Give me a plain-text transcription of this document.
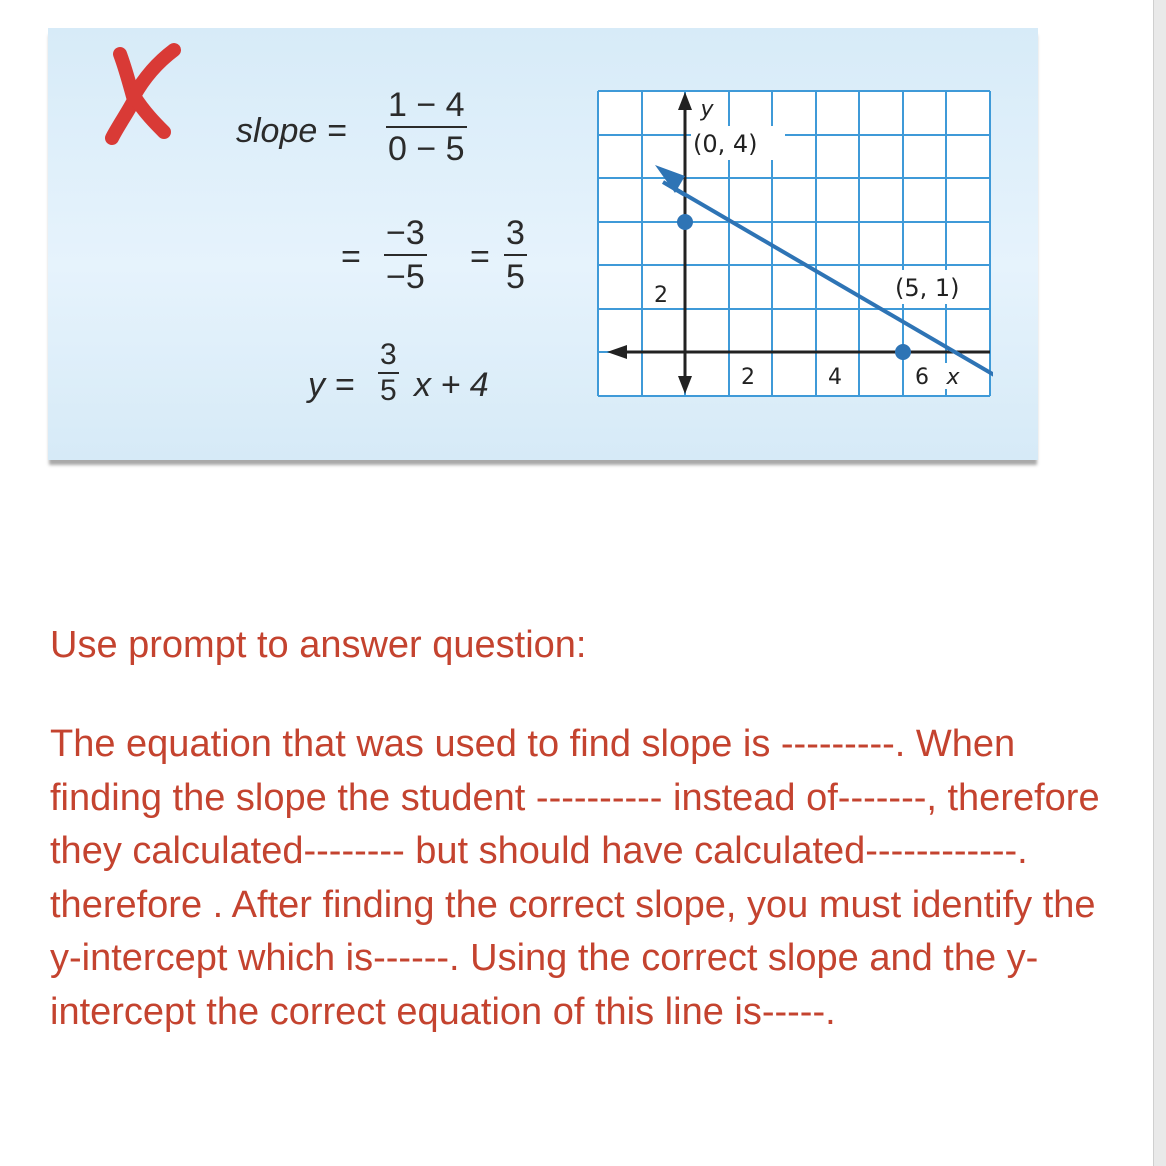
slope = $\frac{1 - 4}{0 - 5}$
= $\frac{-3}{-5} = \frac{3}{5}$
$y = \frac{3}{5}$ x + 4	2	4	6 x
2
y
(0, 4)
(5, 1)
Use prompt to answer question:
The equation that was used to find slope is ---------. When finding the slope the student ---------- instead of-------, therefore they calculated-------- but should have calculated------------. therefore . After finding the correct slope, you must identify the y-intercept which is------. Using the correct slope and the y-intercept the correct equation of this line is-----.
